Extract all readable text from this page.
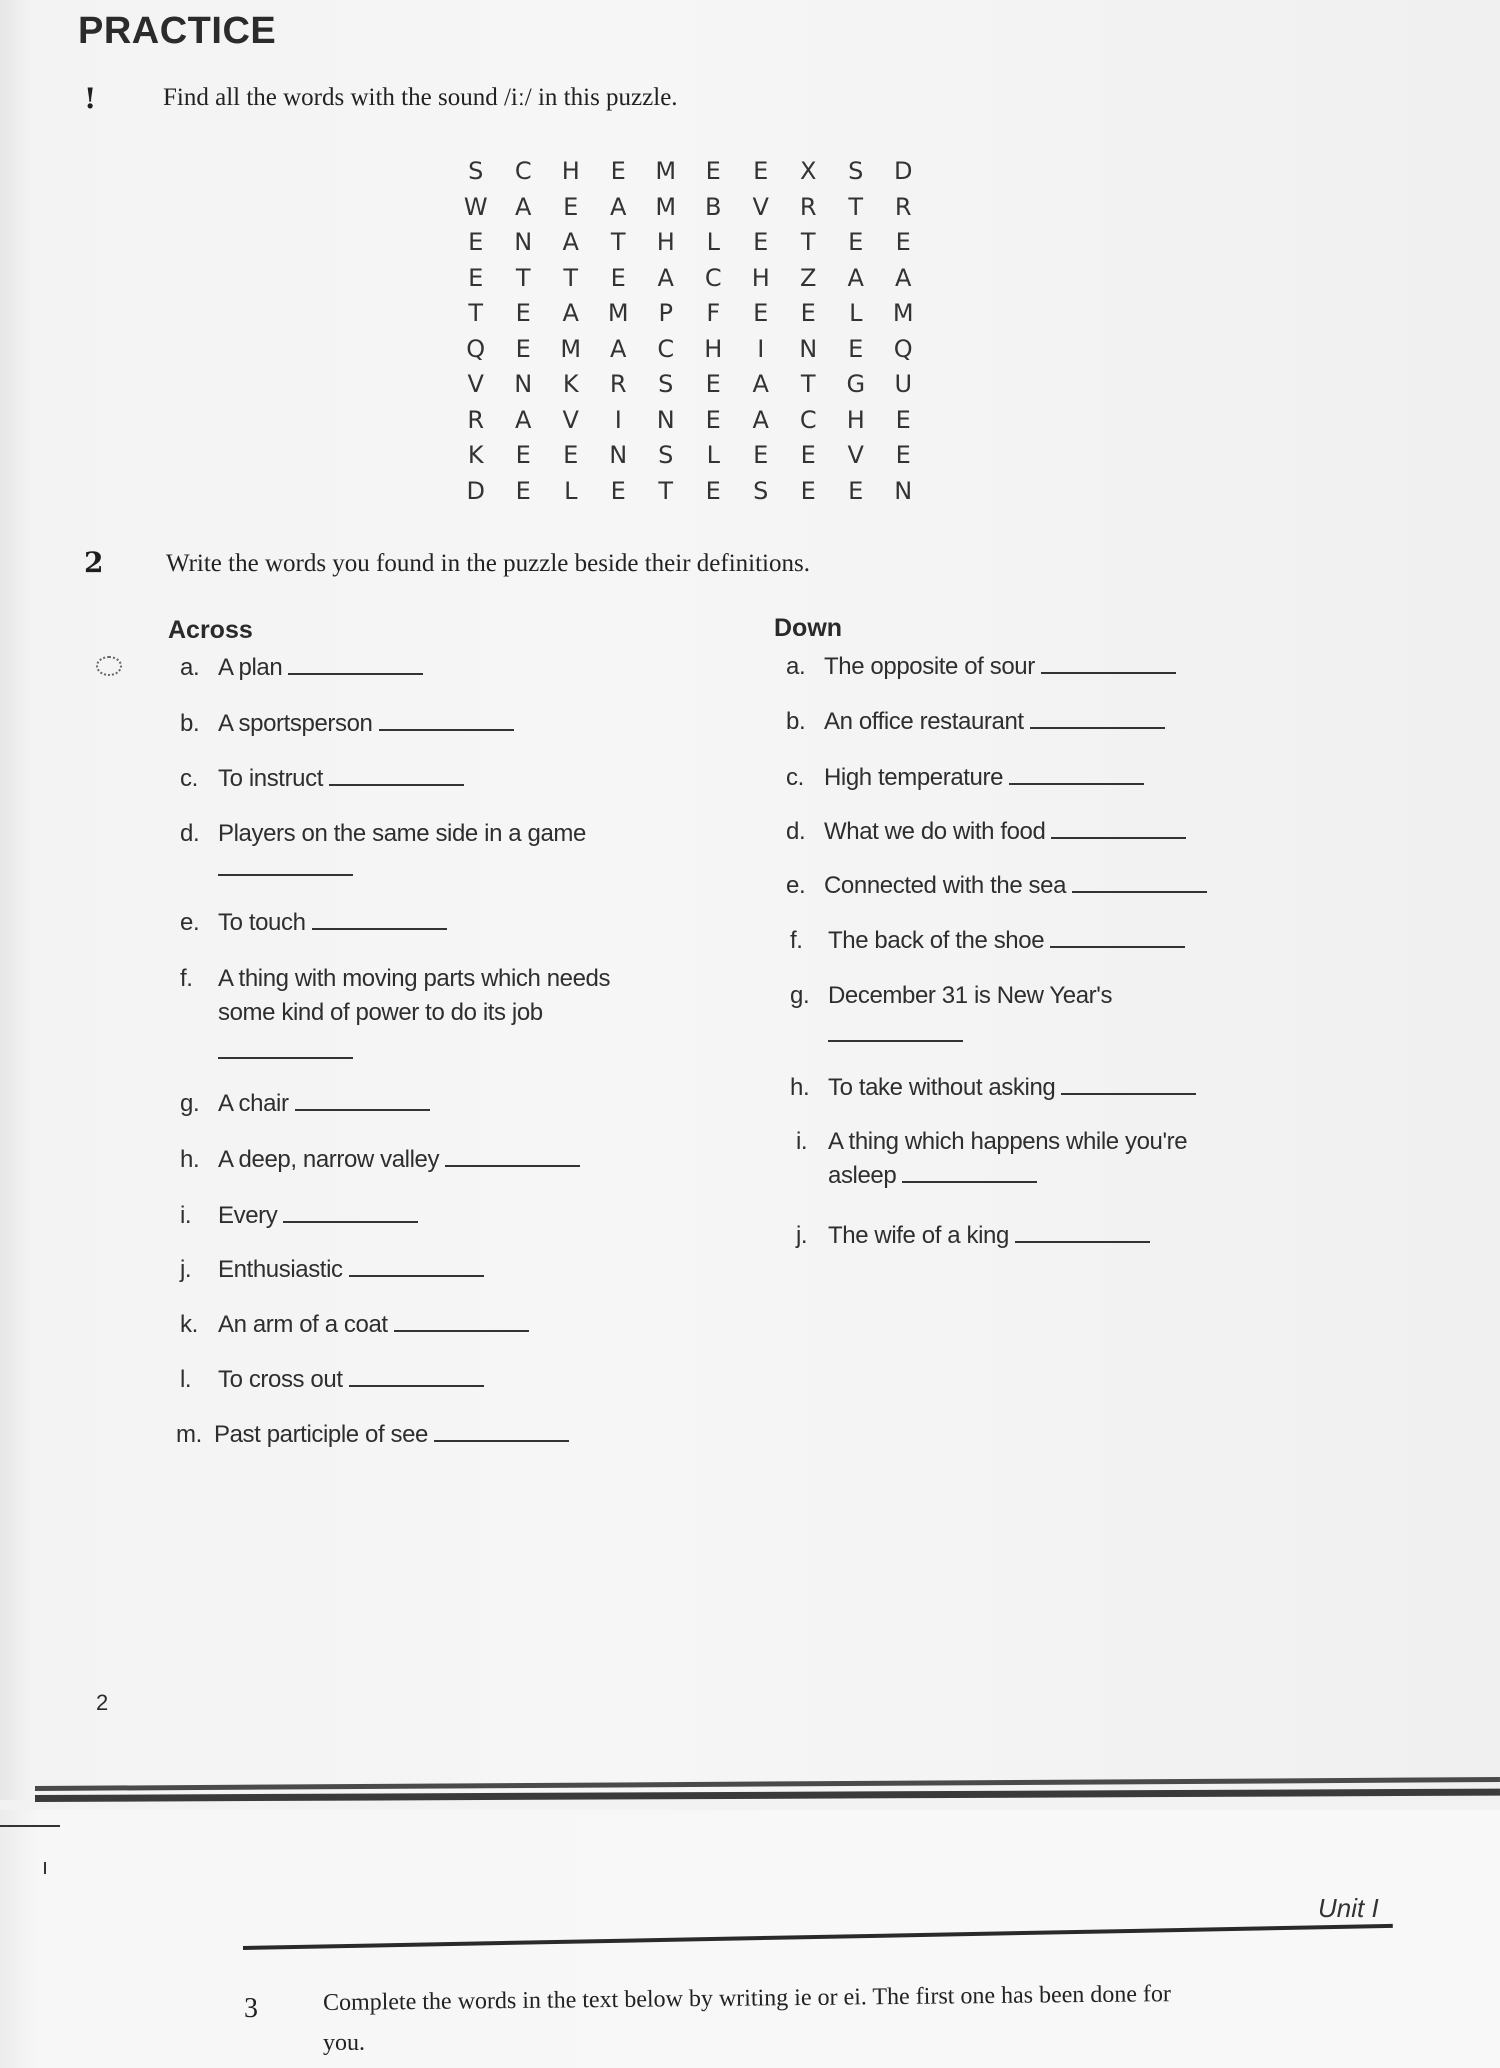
PRACTICE
!	Find all the words with the sound /iː/ in this puzzle.
S	C	H	E	M	E	E	X	S	D
W	A	E	A	M	B	V	R	T	R
E	N	A	T	H	L	E	T	E	E
E	T	T	E	A	C	H	Z	A	A
T	E	A	M	P	F	E	E	L	M
Q	E	M	A	C	H	I	N	E	Q
V	N	K	R	S	E	A	T	G	U
R	A	V	I	N	E	A	C	H	E
K	E	E	N	S	L	E	E	V	E
D	E	L	E	T	E	S	E	E	N
2	Write the words you found in the puzzle beside their definitions.
Across	Down
a. A plan
b. A sportsperson
c. To instruct
d. Players on the same side in a game
e. To touch
f. A thing with moving parts which needs
some kind of power to do its job
g. A chair
h. A deep, narrow valley
i. Every
j. Enthusiastic
k. An arm of a coat
l. To cross out
m. Past participle of see
a. The opposite of sour
b. An office restaurant
c. High temperature
d. What we do with food
e. Connected with the sea
f. The back of the shoe
g. December 31 is New Year's
h. To take without asking
i. A thing which happens while you're
asleep
j. The wife of a king
2
Unit I
3	Complete the words in the text below by writing ie or ei. The first one has been done for
you.
